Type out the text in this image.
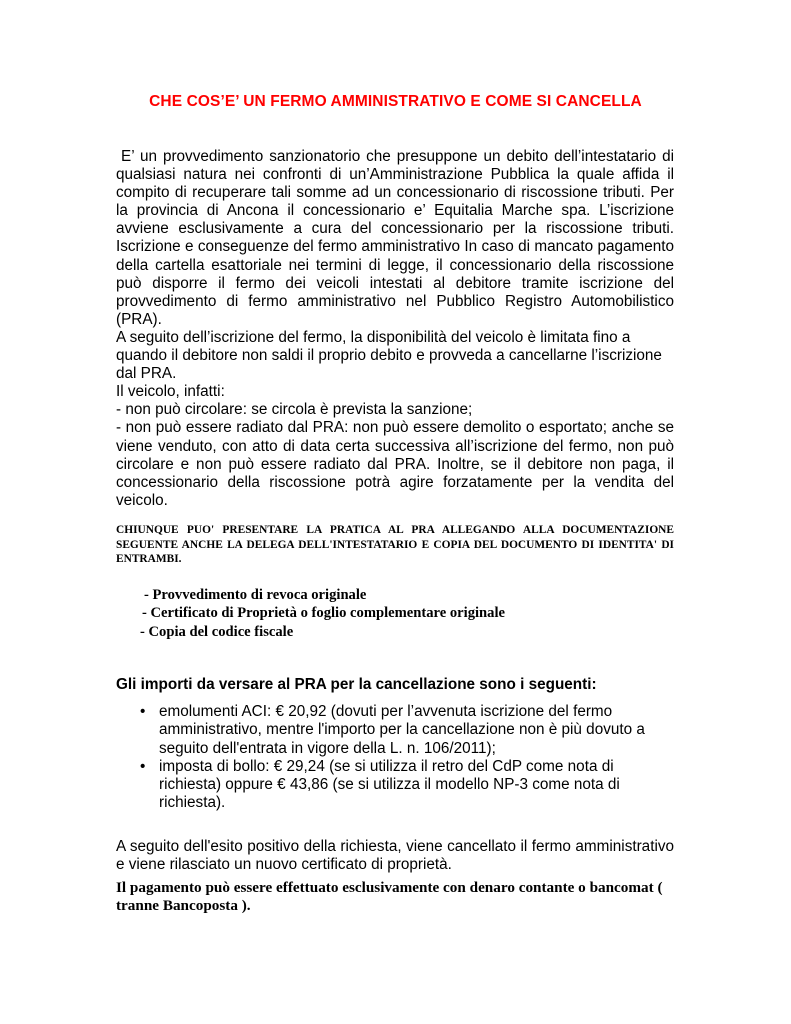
CHE COS’E’ UN FERMO AMMINISTRATIVO E COME SI CANCELLA

E’ un provvedimento sanzionatorio che presuppone un debito dell’intestatario di qualsiasi natura nei confronti di un’Amministrazione Pubblica la quale affida il compito di recuperare tali somme ad un concessionario di riscossione tributi. Per la provincia di Ancona il concessionario e’ Equitalia Marche spa. L’iscrizione avviene esclusivamente a cura del concessionario per la riscossione tributi. Iscrizione e conseguenze del fermo amministrativo In caso di mancato pagamento della cartella esattoriale nei termini di legge, il concessionario della riscossione può disporre il fermo dei veicoli intestati al debitore tramite iscrizione del provvedimento di fermo amministrativo nel Pubblico Registro Automobilistico (PRA).

A seguito dell’iscrizione del fermo, la disponibilità del veicolo è limitata fino a quando il debitore non saldi il proprio debito e provveda a cancellarne l’iscrizione dal PRA.

Il veicolo, infatti:

- non può circolare: se circola è prevista la sanzione;

- non può essere radiato dal PRA: non può essere demolito o esportato; anche se viene venduto, con atto di data certa successiva all’iscrizione del fermo, non può circolare e non può essere radiato dal PRA. Inoltre, se il debitore non paga, il concessionario della riscossione potrà agire forzatamente per la vendita del veicolo.

CHIUNQUE PUO' PRESENTARE LA PRATICA AL PRA ALLEGANDO ALLA DOCUMENTAZIONE SEGUENTE ANCHE LA DELEGA DELL'INTESTATARIO E COPIA DEL DOCUMENTO DI IDENTITA' DI ENTRAMBI.
- Provvedimento di revoca originale
- Certificato di Proprietà o foglio complementare originale
- Copia del codice fiscale
Gli importi da versare al PRA per la cancellazione sono i seguenti:
• emolumenti ACI: € 20,92 (dovuti per l’avvenuta iscrizione del fermo amministrativo, mentre l'importo per la cancellazione non è più dovuto a seguito dell'entrata in vigore della L. n. 106/2011);
• imposta di bollo: € 29,24 (se si utilizza il retro del CdP come nota di richiesta) oppure € 43,86 (se si utilizza il modello NP-3 come nota di richiesta).
A seguito dell'esito positivo della richiesta, viene cancellato il fermo amministrativo e viene rilasciato un nuovo certificato di proprietà.
Il pagamento può essere effettuato esclusivamente con denaro contante o bancomat ( tranne Bancoposta ).
